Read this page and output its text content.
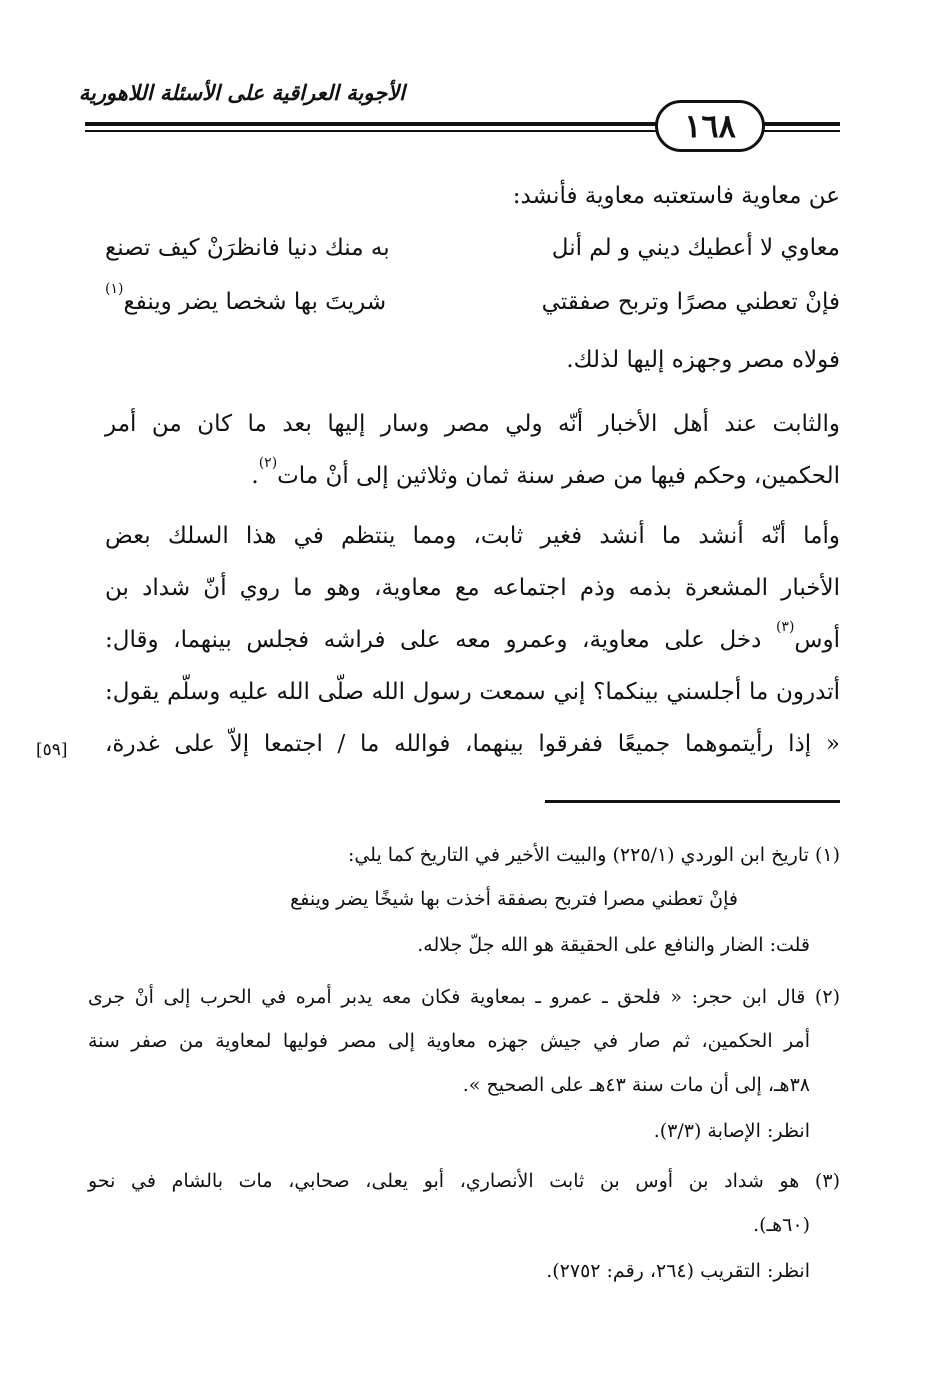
الأجوبة العراقية على الأسئلة اللاهورية
١٦٨
عن معاوية فاستعتبه معاوية فأنشد:
معاوي لا أعطيك ديني و لم أنل
به منك دنيا فانظرَنْ كيف تصنع
فإنْ تعطني مصرًا وتربح صفقتي
شريتَ بها شخصا يضر وينفع$^{(١)}$
فولاه مصر وجهزه إليها لذلك.
والثابت عند أهل الأخبار أنّه ولي مصر وسار إليها بعد ما كان من أمر
الحكمين، وحكم فيها من صفر سنة ثمان وثلاثين إلى أنْ مات$^{(٢)}$.
وأما أنّه أنشد ما أنشد فغير ثابت، ومما ينتظم في هذا السلك بعض
الأخبار المشعرة بذمه وذم اجتماعه مع معاوية، وهو ما روي أنّ شداد بن
أوس$^{(٣)}$ دخل على معاوية، وعمرو معه على فراشه فجلس بينهما، وقال:
أتدرون ما أجلسني بينكما؟ إني سمعت رسول الله صلّى الله عليه وسلّم يقول:
« إذا رأيتموهما جميعًا ففرقوا بينهما، فوالله ما / اجتمعا إلاّ على غدرة،
[٥٩]
(١) تاريخ ابن الوردي (٢٢٥/١) والبيت الأخير في التاريخ كما يلي:
فإنْ تعطني مصرا فتربح بصفقة أخذت بها شيخًا يضر وينفع
قلت: الضار والنافع على الحقيقة هو الله جلّ جلاله.
(٢) قال ابن حجر: « فلحق ـ عمرو ـ بمعاوية فكان معه يدبر أمره في الحرب إلى أنْ جرى
أمر الحكمين، ثم صار في جيش جهزه معاوية إلى مصر فوليها لمعاوية من صفر سنة
٣٨هـ، إلى أن مات سنة ٤٣هـ على الصحيح ».
انظر: الإصابة (٣/٣).
(٣) هو شداد بن أوس بن ثابت الأنصاري، أبو يعلى، صحابي، مات بالشام في نحو
(٦٠هـ).
انظر: التقريب (٢٦٤، رقم: ٢٧٥٢).
